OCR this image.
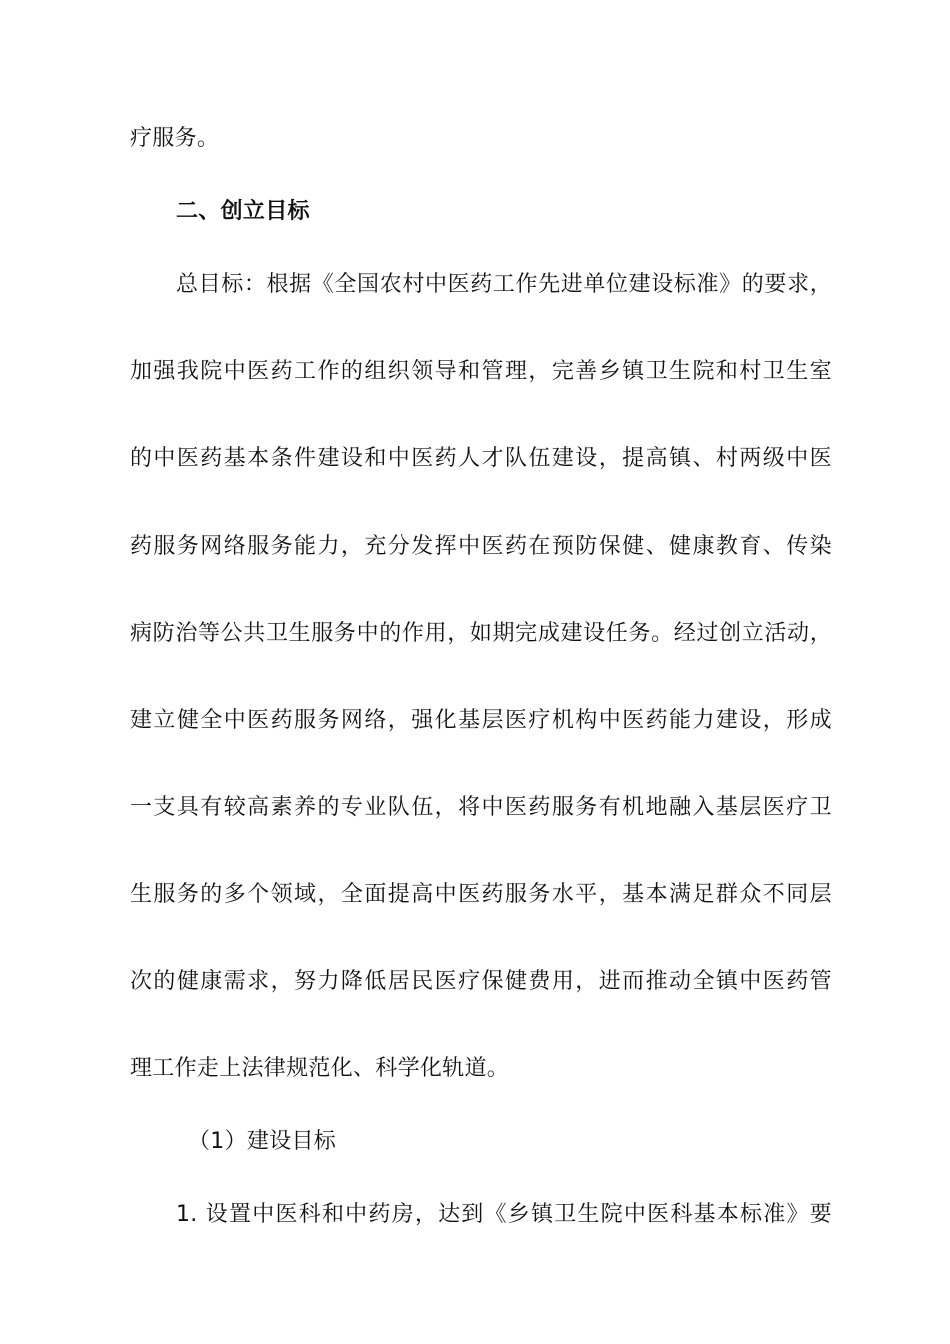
疗服务。
二、创立目标
总目标：根据《全国农村中医药工作先进单位建设标准》的要求，
加强我院中医药工作的组织领导和管理，完善乡镇卫生院和村卫生室
的中医药基本条件建设和中医药人才队伍建设，提高镇、村两级中医
药服务网络服务能力，充分发挥中医药在预防保健、健康教育、传染
病防治等公共卫生服务中的作用，如期完成建设任务。经过创立活动，
建立健全中医药服务网络，强化基层医疗机构中医药能力建设，形成
一支具有较高素养的专业队伍，将中医药服务有机地融入基层医疗卫
生服务的多个领域，全面提高中医药服务水平，基本满足群众不同层
次的健康需求，努力降低居民医疗保健费用，进而推动全镇中医药管
理工作走上法律规范化、科学化轨道。
（1）建设目标
1. 设置中医科和中药房，达到《乡镇卫生院中医科基本标准》要
